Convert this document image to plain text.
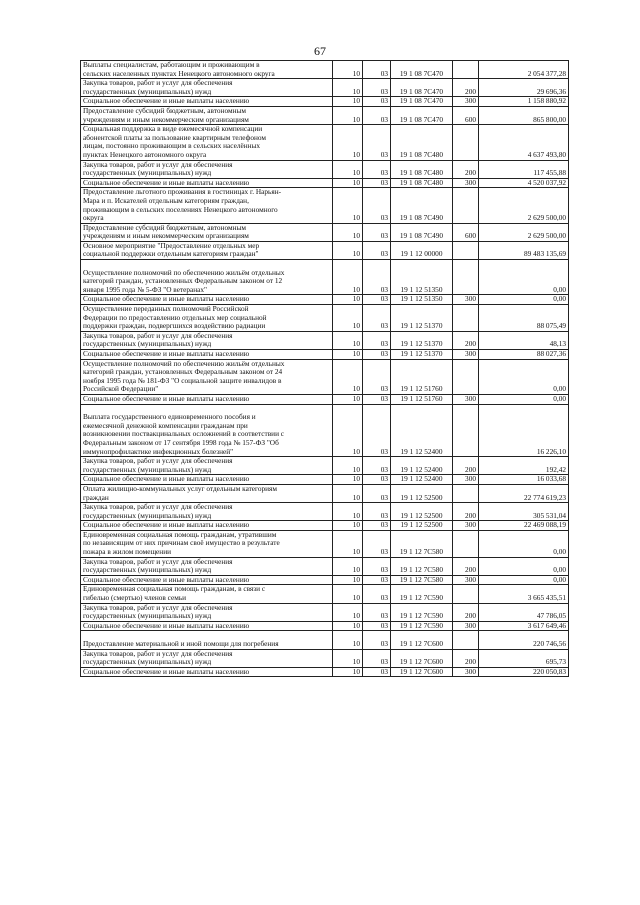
67
Выплаты специалистам, работающим и проживающим в
сельских населенных пунктах Ненецкого автономного округа	10	03	19 1 08 7С470		2 054 377,28
Закупка товаров, работ и услуг для обеспечения
государственных (муниципальных) нужд	10	03	19 1 08 7С470	200	29 696,36
Социальное обеспечение и иные выплаты населению	10	03	19 1 08 7С470	300	1 158 880,92
Предоставление субсидий бюджетным, автономным
учреждениям и иным некоммерческим организациям	10	03	19 1 08 7С470	600	865 800,00
Социальная поддержка в виде ежемесячной компенсации
абонентской платы за пользование квартирным телефоном
лицам, постоянно проживающим в сельских населённых
пунктах Ненецкого автономного округа	10	03	19 1 08 7С480		4 637 493,80
Закупка товаров, работ и услуг для обеспечения
государственных (муниципальных) нужд	10	03	19 1 08 7С480	200	117 455,88
Социальное обеспечение и иные выплаты населению	10	03	19 1 08 7С480	300	4 520 037,92
Предоставление льготного проживания в гостиницах г. Нарьян-
Мара и п. Искателей отдельным категориям граждан,
проживающим в сельских поселениях Ненецкого автономного
округа	10	03	19 1 08 7С490		2 629 500,00
Предоставление субсидий бюджетным, автономным
учреждениям и иным некоммерческим организациям	10	03	19 1 08 7С490	600	2 629 500,00
Основное мероприятие "Предоставление отдельных мер
социальной поддержки отдельным категориям граждан"	10	03	19 1 12 00000		89 483 135,69

Осуществление полномочий по обеспечению жильём отдельных
категорий граждан, установленных Федеральным законом от 12
января 1995 года № 5-ФЗ "О ветеранах"	10	03	19 1 12 51350		0,00
Социальное обеспечение и иные выплаты населению	10	03	19 1 12 51350	300	0,00
Осуществление переданных полномочий Российской
Федерации по предоставлению отдельных мер социальной
поддержки граждан, подвергшихся воздействию радиации	10	03	19 1 12 51370		88 075,49
Закупка товаров, работ и услуг для обеспечения
государственных (муниципальных) нужд	10	03	19 1 12 51370	200	48,13
Социальное обеспечение и иные выплаты населению	10	03	19 1 12 51370	300	88 027,36
Осуществление полномочий по обеспечению жильём отдельных
категорий граждан, установленных Федеральным законом от 24
ноября 1995 года № 181-ФЗ "О социальной защите инвалидов в
Российской Федерации"	10	03	19 1 12 51760		0,00
Социальное обеспечение и иные выплаты населению	10	03	19 1 12 51760	300	0,00

Выплата государственного единовременного пособия и
ежемесячной денежной компенсации гражданам при
возникновении поствакцинальных осложнений в соответствии с
Федеральным законом от 17 сентября 1998 года № 157-ФЗ "Об
иммунопрофилактике инфекционных болезней"	10	03	19 1 12 52400		16 226,10
Закупка товаров, работ и услуг для обеспечения
государственных (муниципальных) нужд	10	03	19 1 12 52400	200	192,42
Социальное обеспечение и иные выплаты населению	10	03	19 1 12 52400	300	16 033,68
Оплата жилищно-коммунальных услуг отдельным категориям
граждан	10	03	19 1 12 52500		22 774 619,23
Закупка товаров, работ и услуг для обеспечения
государственных (муниципальных) нужд	10	03	19 1 12 52500	200	305 531,04
Социальное обеспечение и иные выплаты населению	10	03	19 1 12 52500	300	22 469 088,19
Единовременная социальная помощь гражданам, утратившим
по независящим от них причинам своё имущество в результате
пожара в жилом помещении	10	03	19 1 12 7С580		0,00
Закупка товаров, работ и услуг для обеспечения
государственных (муниципальных) нужд	10	03	19 1 12 7С580	200	0,00
Социальное обеспечение и иные выплаты населению	10	03	19 1 12 7С580	300	0,00
Единовременная социальная помощь гражданам, в связи с
гибелью (смертью) членов семьи	10	03	19 1 12 7С590		3 665 435,51
Закупка товаров, работ и услуг для обеспечения
государственных (муниципальных) нужд	10	03	19 1 12 7С590	200	47 786,05
Социальное обеспечение и иные выплаты населению	10	03	19 1 12 7С590	300	3 617 649,46

Предоставление материальной и иной помощи для погребения	10	03	19 1 12 7С600		220 746,56
Закупка товаров, работ и услуг для обеспечения
государственных (муниципальных) нужд	10	03	19 1 12 7С600	200	695,73
Социальное обеспечение и иные выплаты населению	10	03	19 1 12 7С600	300	220 050,83
